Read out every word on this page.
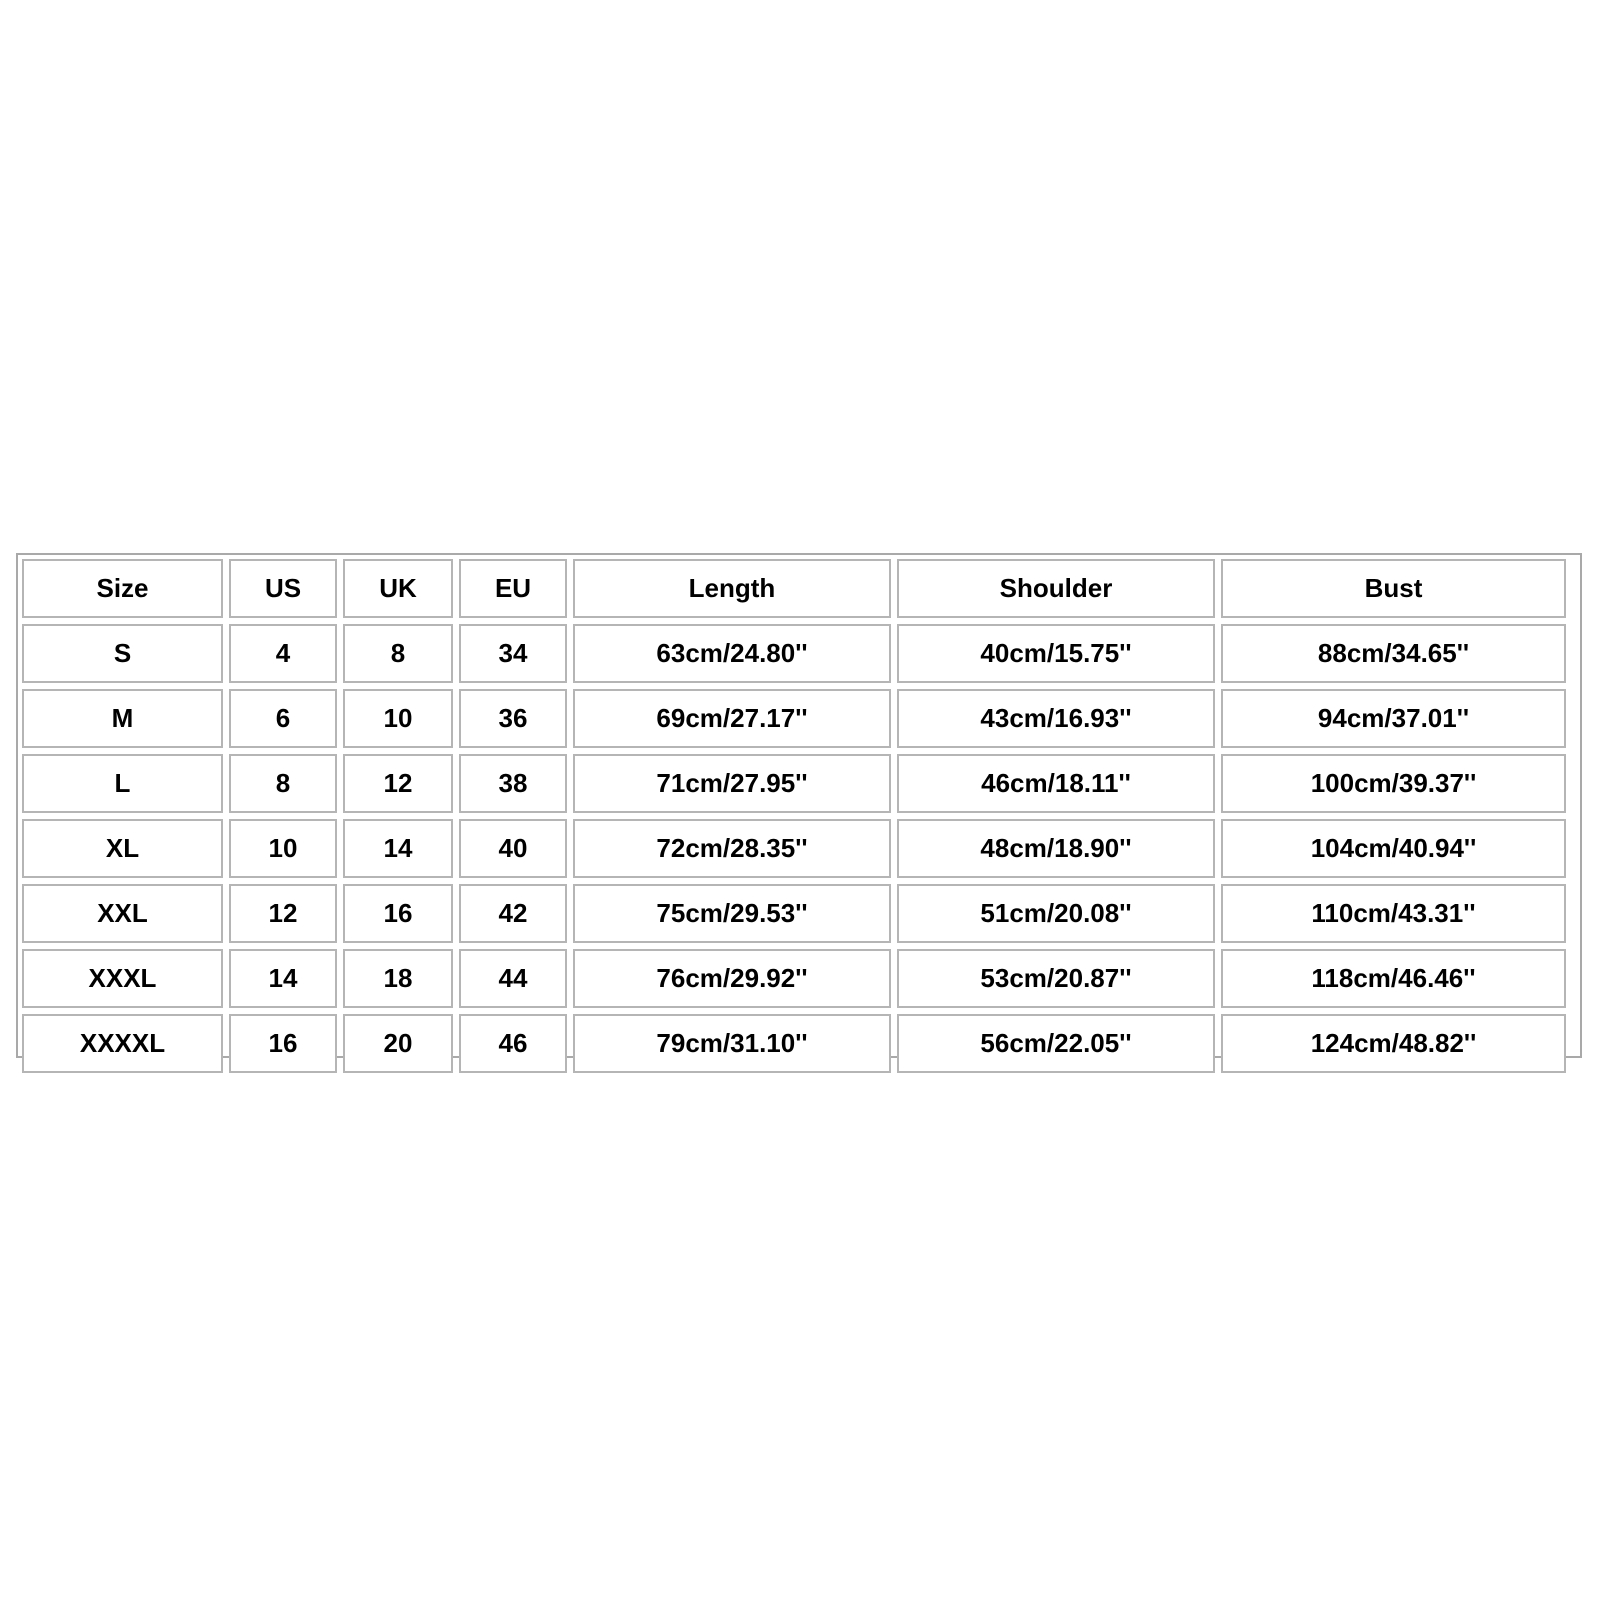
Size	US	UK	EU	Length	Shoulder	Bust
S	4	8	34	63cm/24.80''	40cm/15.75''	88cm/34.65''
M	6	10	36	69cm/27.17''	43cm/16.93''	94cm/37.01''
L	8	12	38	71cm/27.95''	46cm/18.11''	100cm/39.37''
XL	10	14	40	72cm/28.35''	48cm/18.90''	104cm/40.94''
XXL	12	16	42	75cm/29.53''	51cm/20.08''	110cm/43.31''
XXXL	14	18	44	76cm/29.92''	53cm/20.87''	118cm/46.46''
XXXXL	16	20	46	79cm/31.10''	56cm/22.05''	124cm/48.82''
